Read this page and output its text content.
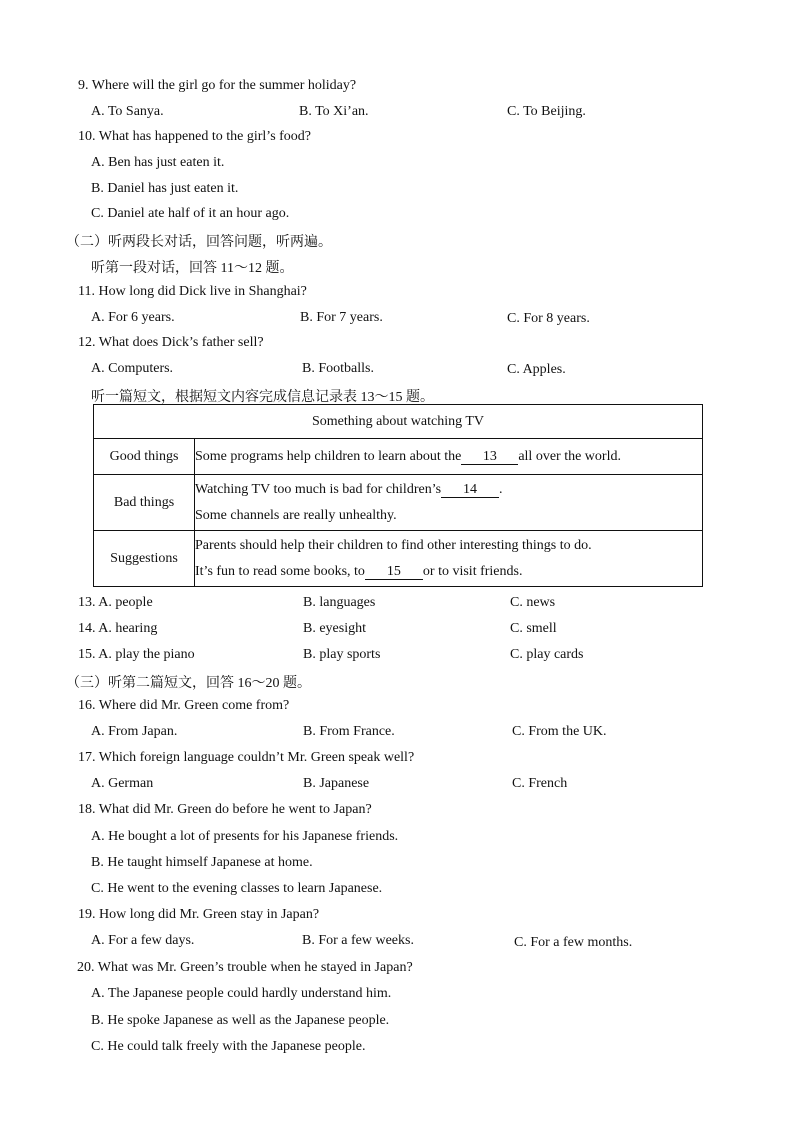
9. Where will the girl go for the summer holiday?
A. To Sanya.	B. To Xi’an.	C. To Beijing.
10. What has happened to the girl’s food?
A. Ben has just eaten it.
B. Daniel has just eaten it.
C. Daniel ate half of it an hour ago.
（二）听两段长对话，回答问题，听两遍。
听第一段对话，回答 11～12 题。
11. How long did Dick live in Shanghai?
A. For 6 years.	B. For 7 years.	C. For 8 years.
12. What does Dick’s father sell?
A. Computers.	B. Footballs.	C. Apples.
听一篇短文，根据短文内容完成信息记录表 13～15 题。
Something about watching TV	
Good things	Some programs help children to learn about the 13 all over the world.
Bad things	Watching TV too much is bad for children’s 14 .
Some channels are really unhealthy.

Suggestions	Parents should help their children to find other interesting things to do.
It’s fun to read some books, to 15 or to visit friends.
13. A. people	B. languages	C. news
14. A. hearing	B. eyesight	C. smell
15. A. play the piano	B. play sports	C. play cards
（三）听第二篇短文，回答 16～20 题。
16. Where did Mr. Green come from?
A. From Japan.	B. From France.	C. From the UK.
17. Which foreign language couldn’t Mr. Green speak well?
A. German	B. Japanese	C. French
18. What did Mr. Green do before he went to Japan?
A. He bought a lot of presents for his Japanese friends.
B. He taught himself Japanese at home.
C. He went to the evening classes to learn Japanese.
19. How long did Mr. Green stay in Japan?
A. For a few days.	B. For a few weeks.	C. For a few months.
20. What was Mr. Green’s trouble when he stayed in Japan?
A. The Japanese people could hardly understand him.
B. He spoke Japanese as well as the Japanese people.
C. He could talk freely with the Japanese people.
